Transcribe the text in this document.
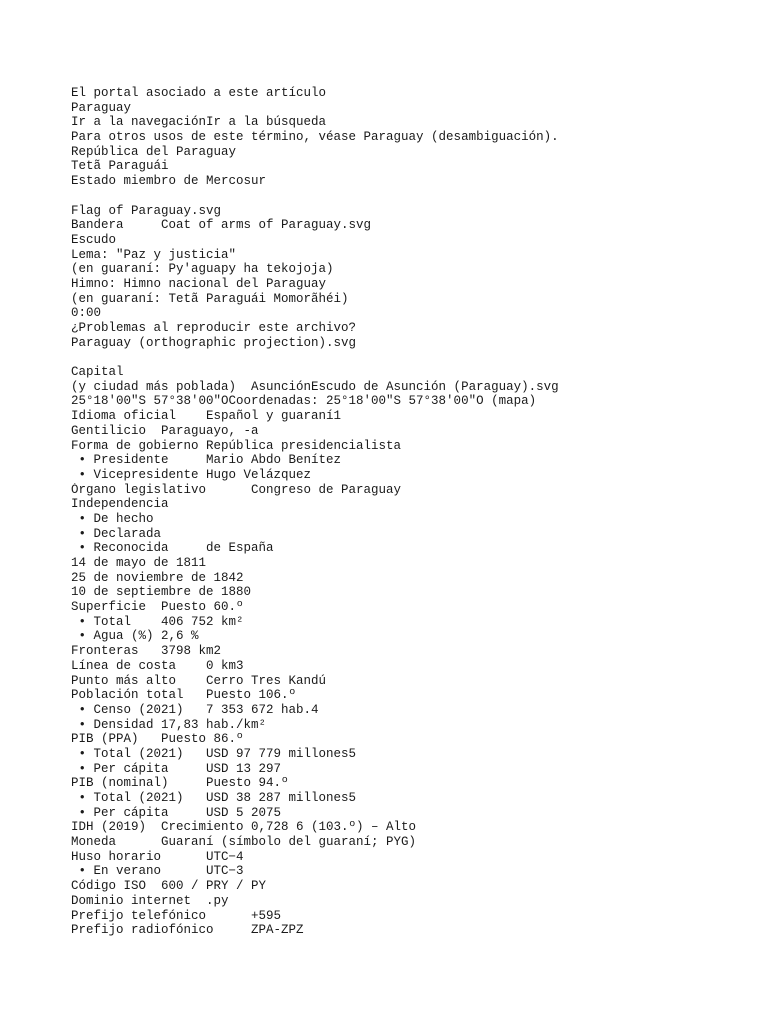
El portal asociado a este artículo
Paraguay
Ir a la navegaciónIr a la búsqueda
Para otros usos de este término, véase Paraguay (desambiguación).
República del Paraguay
Tetã Paraguái
Estado miembro de Mercosur
Flag of Paraguay.svg
Bandera     Coat of arms of Paraguay.svg
Escudo
Lema: "Paz y justicia"
(en guaraní: Py'aguapy ha tekojoja)
Himno: Himno nacional del Paraguay
(en guaraní: Tetã Paraguái Momorãhéi)
0:00
¿Problemas al reproducir este archivo?
Paraguay (orthographic projection).svg
Capital
(y ciudad más poblada)  AsunciónEscudo de Asunción (Paraguay).svg
25°18′00″S 57°38′00″OCoordenadas: 25°18′00″S 57°38′00″O (mapa)
Idioma oficial    Español y guaraní1
Gentilicio  Paraguayo, -a
Forma de gobierno República presidencialista
• Presidente     Mario Abdo Benítez
• Vicepresidente Hugo Velázquez
Órgano legislativo      Congreso de Paraguay
Independencia
• De hecho
• Declarada
• Reconocida     de España
14 de mayo de 1811
25 de noviembre de 1842
10 de septiembre de 1880
Superficie  Puesto 60.º
• Total    406 752 km²
• Agua (%) 2,6 %
Fronteras   3798 km2
Línea de costa    0 km3
Punto más alto    Cerro Tres Kandú
Población total   Puesto 106.º
• Censo (2021)   7 353 672 hab.4
• Densidad 17,83 hab./km²
PIB (PPA)   Puesto 86.º
• Total (2021)   USD 97 779 millones5
• Per cápita     USD 13 297
PIB (nominal)     Puesto 94.º
• Total (2021)   USD 38 287 millones5
• Per cápita     USD 5 2075
IDH (2019)  Crecimiento 0,728 6 (103.º) – Alto
Moneda      Guaraní (símbolo del guaraní; PYG)
Huso horario      UTC−4
• En verano      UTC−3
Código ISO  600 / PRY / PY
Dominio internet  .py
Prefijo telefónico      +595
Prefijo radiofónico     ZPA-ZPZ
